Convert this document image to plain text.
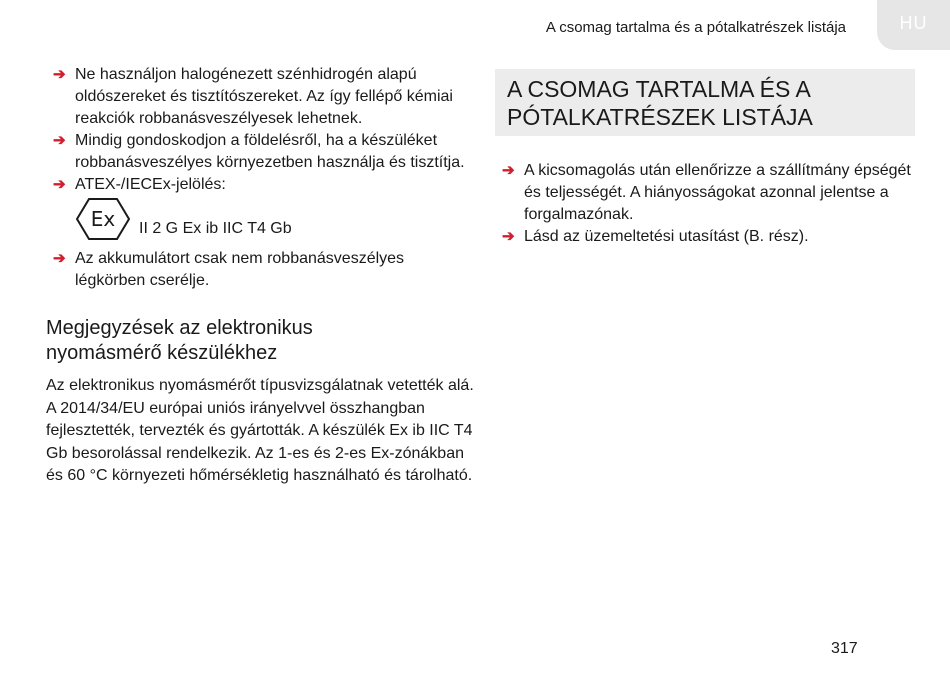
A csomag tartalma és a pótalkatrészek listája	HU
➔ Ne használjon halogénezett szénhidrogén alapú oldószereket és tisztítószereket. Az így fellépő kémiai reakciók robbanásveszélyesek lehetnek.
➔ Mindig gondoskodjon a földelésről, ha a készüléket robbanásveszélyes környezetben használja és tisztítja.
➔ ATEX-/IECEx-jelölés:
Ex II 2 G Ex ib IIC T4 Gb
➔ Az akkumulátort csak nem robbanásveszélyes légkörben cserélje.
Megjegyzések az elektronikus nyomásmérő készülékhez

Az elektronikus nyomásmérőt típusvizsgálatnak vetették alá. A 2014/34/EU európai uniós irányelvvel összhangban fejlesztették, tervezték és gyártották. A készülék Ex ib IIC T4 Gb besorolással rendelkezik. Az 1-es és 2-es Ex-zónákban és 60 °C környezeti hőmérsékletig használható és tárolható.

A CSOMAG TARTALMA ÉS A PÓTALKATRÉSZEK LISTÁJA
➔ A kicsomagolás után ellenőrizze a szállítmány épségét és teljességét. A hiányosságokat azonnal jelentse a forgalmazónak.
➔ Lásd az üzemeltetési utasítást (B. rész).
317
